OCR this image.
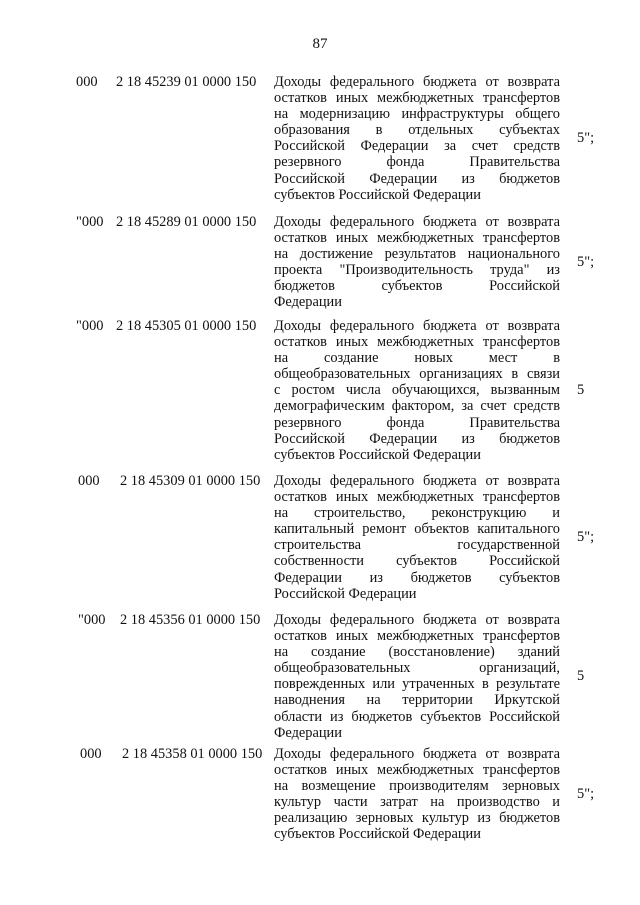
87
000 2 18 45239 01 0000 150 Доходы федерального бюджета от возврата
остатков иных межбюджетных трансфертов
на модернизацию инфраструктуры общего
образования в отдельных субъектах
Российской Федерации за счет средств
резервного фонда Правительства
Российской Федерации из бюджетов
субъектов Российской Федерации
5";
"000 2 18 45289 01 0000 150 Доходы федерального бюджета от возврата
остатков иных межбюджетных трансфертов
на достижение результатов национального
проекта "Производительность труда" из
бюджетов субъектов Российской
Федерации
5";
"000 2 18 45305 01 0000 150 Доходы федерального бюджета от возврата
остатков иных межбюджетных трансфертов
на создание новых мест в
общеобразовательных организациях в связи
с ростом числа обучающихся, вызванным
демографическим фактором, за счет средств
резервного фонда Правительства
Российской Федерации из бюджетов
субъектов Российской Федерации
5
000 2 18 45309 01 0000 150 Доходы федерального бюджета от возврата
остатков иных межбюджетных трансфертов
на строительство, реконструкцию и
капитальный ремонт объектов капитального
строительства государственной
собственности субъектов Российской
Федерации из бюджетов субъектов
Российской Федерации
5";
"000 2 18 45356 01 0000 150 Доходы федерального бюджета от возврата
остатков иных межбюджетных трансфертов
на создание (восстановление) зданий
общеобразовательных организаций,
поврежденных или утраченных в результате
наводнения на территории Иркутской
области из бюджетов субъектов Российской
Федерации
5
000 2 18 45358 01 0000 150 Доходы федерального бюджета от возврата
остатков иных межбюджетных трансфертов
на возмещение производителям зерновых
культур части затрат на производство и
реализацию зерновых культур из бюджетов
субъектов Российской Федерации
5";
